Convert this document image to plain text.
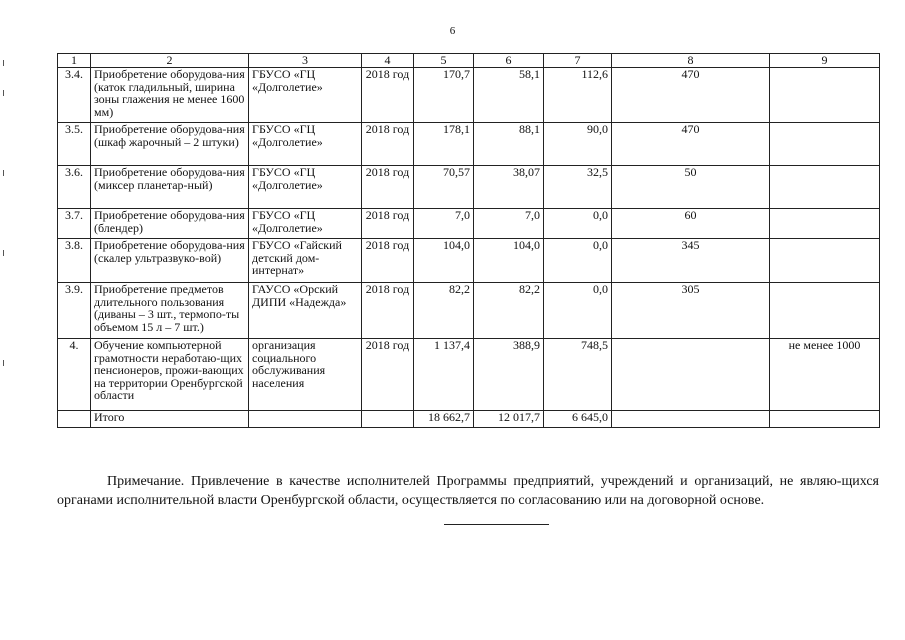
6
1	2	3	4	5	6	7	8	9
3.4.	Приобретение оборудова-ния (каток гладильный, ширина зоны глажения не менее 1600 мм)	ГБУСО «ГЦ «Долголетие»	2018 год	170,7	58,1	112,6	470	
3.5.	Приобретение оборудова-ния (шкаф жарочный – 2 штуки)	ГБУСО «ГЦ «Долголетие»	2018 год	178,1	88,1	90,0	470	
3.6.	Приобретение оборудова-ния (миксер планетар-ный)	ГБУСО «ГЦ «Долголетие»	2018 год	70,57	38,07	32,5	50	
3.7.	Приобретение оборудова-ния (блендер)	ГБУСО «ГЦ «Долголетие»	2018 год	7,0	7,0	0,0	60	
3.8.	Приобретение оборудова-ния (скалер ультразвуко-вой)	ГБУСО «Гайский детский дом-интернат»	2018 год	104,0	104,0	0,0	345	
3.9.	Приобретение предметов длительного пользования (диваны – 3 шт., термопо-ты объемом 15 л – 7 шт.)	ГАУСО «Орский ДИПИ «Надежда»	2018 год	82,2	82,2	0,0	305	
4.	Обучение компьютерной грамотности неработаю-щих пенсионеров, прожи-вающих на территории Оренбургской области	организация социального обслуживания населения	2018 год	1 137,4	388,9	748,5		не менее 1000
	Итого			18 662,7	12 017,7	6 645,0		

Примечание. Привлечение в качестве исполнителей Программы предприятий, учреждений и организаций, не являю-щихся органами исполнительной власти Оренбургской области, осуществляется по согласованию или на договорной основе.
